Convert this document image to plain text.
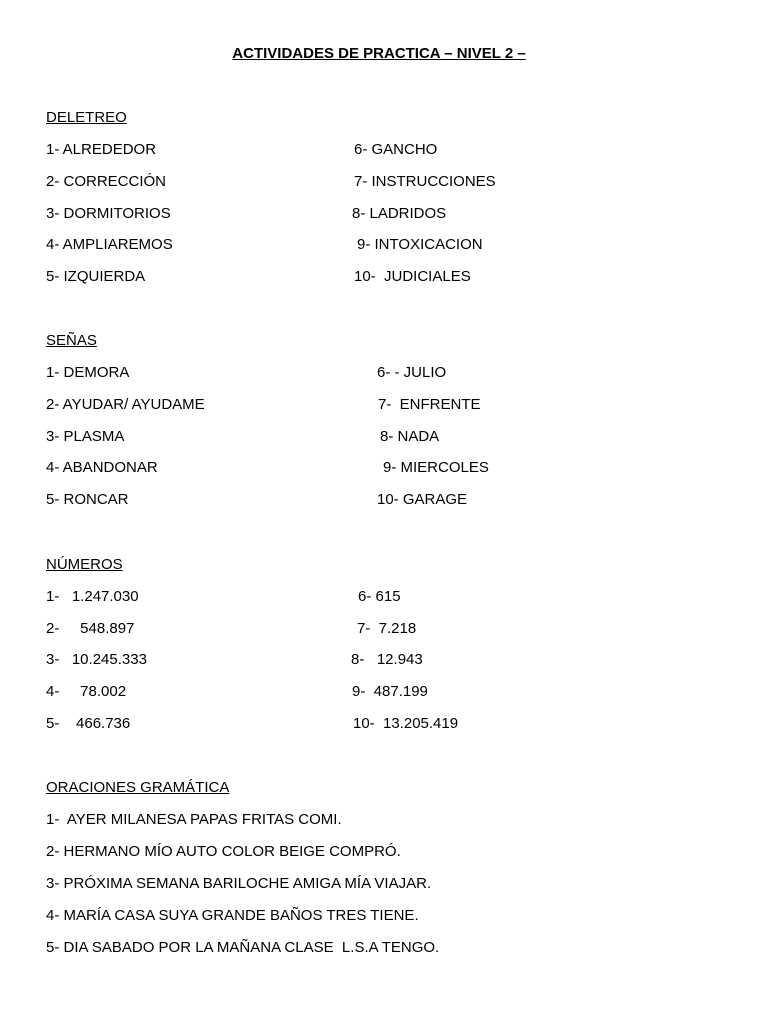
ACTIVIDADES DE PRACTICA – NIVEL 2 –
DELETREO
1- ALREDEDOR
2- CORRECCIÓN
3- DORMITORIOS
4- AMPLIAREMOS
5- IZQUIERDA
6- GANCHO
7- INSTRUCCIONES
8- LADRIDOS
9- INTOXICACION
10-  JUDICIALES
SEÑAS
1- DEMORA
2- AYUDAR/ AYUDAME
3- PLASMA
4- ABANDONAR
5- RONCAR
6- - JULIO
7-  ENFRENTE
8- NADA
9- MIERCOLES
10- GARAGE
NÚMEROS
1-   1.247.030
2-     548.897
3-   10.245.333
4-     78.002
5-    466.736
6- 615
7-  7.218
8-   12.943
9-  487.199
10-  13.205.419
ORACIONES GRAMÁTICA
1-  AYER MILANESA PAPAS FRITAS COMI.
2- HERMANO MÍO AUTO COLOR BEIGE COMPRÓ.
3- PRÓXIMA SEMANA BARILOCHE AMIGA MÍA VIAJAR.
4- MARÍA CASA SUYA GRANDE BAÑOS TRES TIENE.
5- DIA SABADO POR LA MAÑANA CLASE  L.S.A TENGO.
